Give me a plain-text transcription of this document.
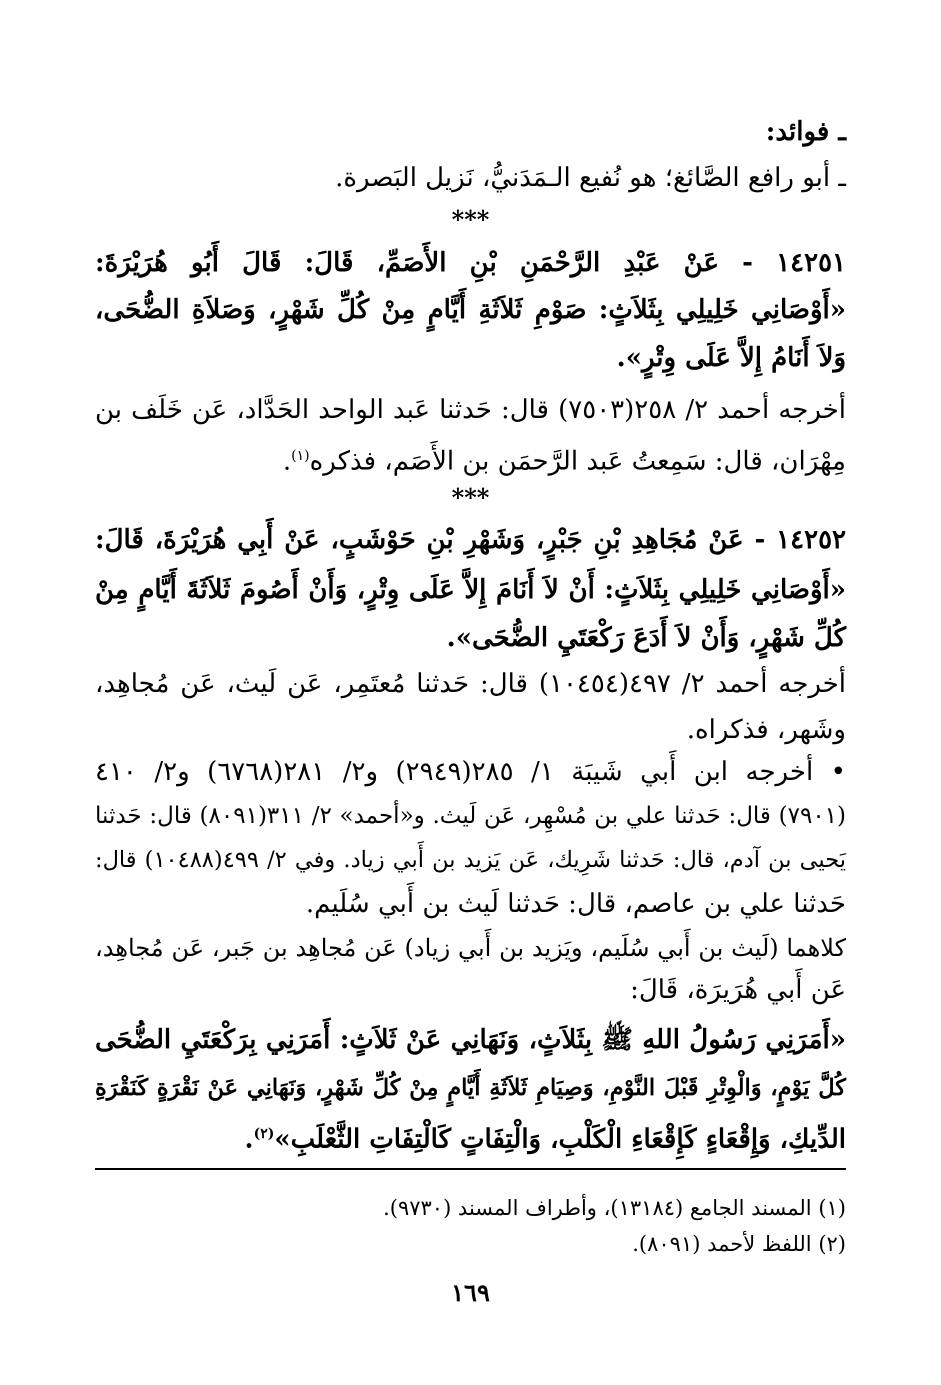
ـ فوائد:
ـ أبو رافع الصَّائغ؛ هو نُفيع الـمَدَنيُّ، نَزيل البَصرة.
***
١٤٢٥١ - عَنْ عَبْدِ الرَّحْمَنِ بْنِ الأَصَمِّ، قَالَ: قَالَ أَبُو هُرَيْرَةَ:
«أَوْصَانِي خَلِيلِي بِثَلاَثٍ: صَوْمِ ثَلاَثَةِ أَيَّامٍ مِنْ كُلِّ شَهْرٍ، وَصَلاَةِ الضُّحَى،
وَلاَ أَنَامُ إِلاَّ عَلَى وِتْرٍ».
أخرجه أحمد ٢/ ٢٥٨(٧٥٠٣) قال: حَدثنا عَبد الواحد الحَدَّاد، عَن خَلَف بن
مِهْرَان، قال: سَمِعتُ عَبد الرَّحمَن بن الأَصَم، فذكره$^{(١)}$.
***
١٤٢٥٢ - عَنْ مُجَاهِدِ بْنِ جَبْرٍ، وَشَهْرِ بْنِ حَوْشَبٍ، عَنْ أَبِي هُرَيْرَةَ، قَالَ:
«أَوْصَانِي خَلِيلِي بِثَلاَثٍ: أَنْ لاَ أَنَامَ إِلاَّ عَلَى وِتْرٍ، وَأَنْ أَصُومَ ثَلاَثَةَ أَيَّامٍ مِنْ
كُلِّ شَهْرٍ، وَأَنْ لاَ أَدَعَ رَكْعَتَيِ الضُّحَى».
أخرجه أحمد ٢/ ٤٩٧(١٠٤٥٤) قال: حَدثنا مُعتَمِر، عَن لَيث، عَن مُجاهِد،
وشَهر، فذكراه.
• أخرجه ابن أَبي شَيبَة ١/ ٢٨٥(٢٩٤٩) و٢/ ٢٨١(٦٧٦٨) و٢/ ٤١٠
(٧٩٠١) قال: حَدثنا علي بن مُسْهِر، عَن لَيث. و«أحمد» ٢/ ٣١١(٨٠٩١) قال: حَدثنا
يَحيى بن آدم، قال: حَدثنا شَرِيك، عَن يَزيد بن أَبي زياد. وفي ٢/ ٤٩٩(١٠٤٨٨) قال:
حَدثنا علي بن عاصم، قال: حَدثنا لَيث بن أَبي سُلَيم.
كلاهما (لَيث بن أَبي سُلَيم، ويَزيد بن أَبي زياد) عَن مُجاهِد بن جَبر، عَن مُجاهِد،
عَن أَبي هُرَيرَة، قَالَ:
«أَمَرَنِي رَسُولُ اللهِ ﷺ بِثَلاَثٍ، وَنَهَانِي عَنْ ثَلاَثٍ: أَمَرَنِي بِرَكْعَتَيِ الضُّحَى
كُلَّ يَوْمٍ، وَالْوِتْرِ قَبْلَ النَّوْمِ، وَصِيَامِ ثَلاَثَةِ أَيَّامٍ مِنْ كُلِّ شَهْرٍ، وَنَهَانِي عَنْ نَقْرَةٍ كَنَقْرَةِ
الدِّيكِ، وَإِقْعَاءٍ كَإِقْعَاءِ الْكَلْبِ، وَالْتِفَاتٍ كَالْتِفَاتِ الثَّعْلَبِ»$^{(٢)}$.
(١) المسند الجامع (١٣١٨٤)، وأطراف المسند (٩٧٣٠).
(٢) اللفظ لأحمد (٨٠٩١).
١٦٩
